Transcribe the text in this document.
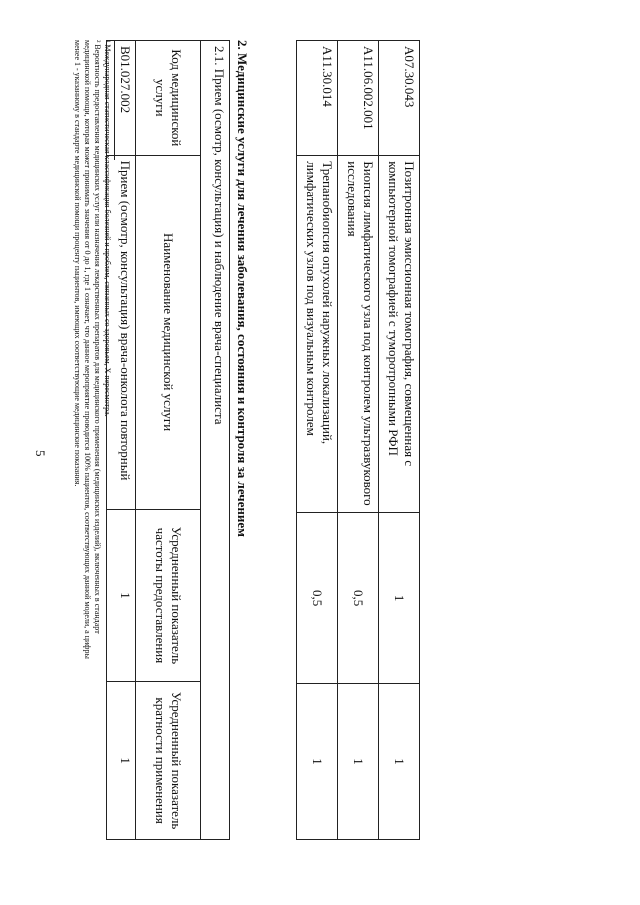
5
A07.30.043	Позитронная эмиссионная томография, совмещенная с компьютерной томографией с туморотропными РФП	1	1
A11.06.002.001	Биопсия лимфатического узла под контролем ультразвукового исследования	0,5	1
A11.30.014	Трепанобиопсия опухолей наружных локализаций, лимфатических узлов под визуальным контролем	0,5	1
2. Медицинские услуги для лечения заболевания, состояния и контроля за лечением
2.1. Прием (осмотр, консультация) и наблюдение врача-специалиста			
Код медицинской услуги	Наименование медицинской услуги	Усредненный показатель частоты предоставления	Усредненный показатель кратности применения
B01.027.002	Прием (осмотр, консультация) врача-онколога повторный	1	1

¹ Международная статистическая классификация болезней и проблем, связанных со здоровьем, X пересмотра.

² Вероятность предоставления медицинских услуг или назначения лекарственных препаратов для медицинского применения (медицинских изделий), включенных в стандарт медицинской помощи, которая может принимать значения от 0 до 1, где 1 означает, что данное мероприятие проводится 100% пациентов, соответствующих данной модели, а цифры менее 1 - указанному в стандарте медицинской помощи проценту пациентов, имеющих соответствующие медицинские показания.
